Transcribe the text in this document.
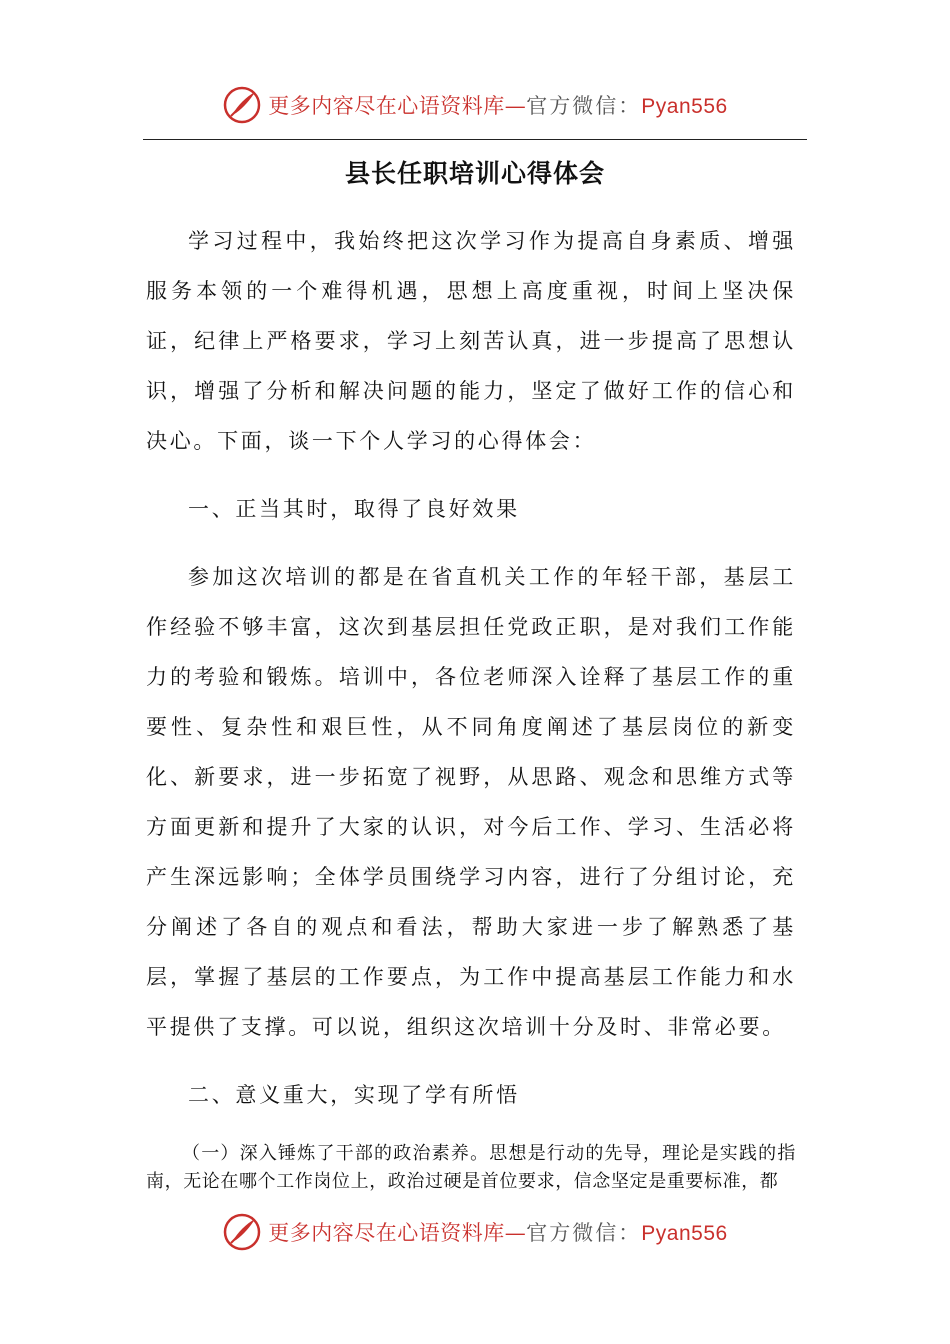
更多内容尽在心语资料库—官方微信：Pyan556
县长任职培训心得体会

学习过程中，我始终把这次学习作为提高自身素质、增强服务本领的一个难得机遇，思想上高度重视，时间上坚决保证，纪律上严格要求，学习上刻苦认真，进一步提高了思想认识，增强了分析和解决问题的能力，坚定了做好工作的信心和决心。下面，谈一下个人学习的心得体会：

一、正当其时，取得了良好效果

参加这次培训的都是在省直机关工作的年轻干部，基层工作经验不够丰富，这次到基层担任党政正职，是对我们工作能力的考验和锻炼。培训中，各位老师深入诠释了基层工作的重要性、复杂性和艰巨性，从不同角度阐述了基层岗位的新变化、新要求，进一步拓宽了视野，从思路、观念和思维方式等方面更新和提升了大家的认识，对今后工作、学习、生活必将产生深远影响；全体学员围绕学习内容，进行了分组讨论，充分阐述了各自的观点和看法，帮助大家进一步了解熟悉了基层，掌握了基层的工作要点，为工作中提高基层工作能力和水平提供了支撑。可以说，组织这次培训十分及时、非常必要。

二、意义重大，实现了学有所悟

（一）深入锤炼了干部的政治素养。思想是行动的先导，理论是实践的指南，无论在哪个工作岗位上，政治过硬是首位要求，信念坚定是重要标准，都

更多内容尽在心语资料库—官方微信：Pyan556
